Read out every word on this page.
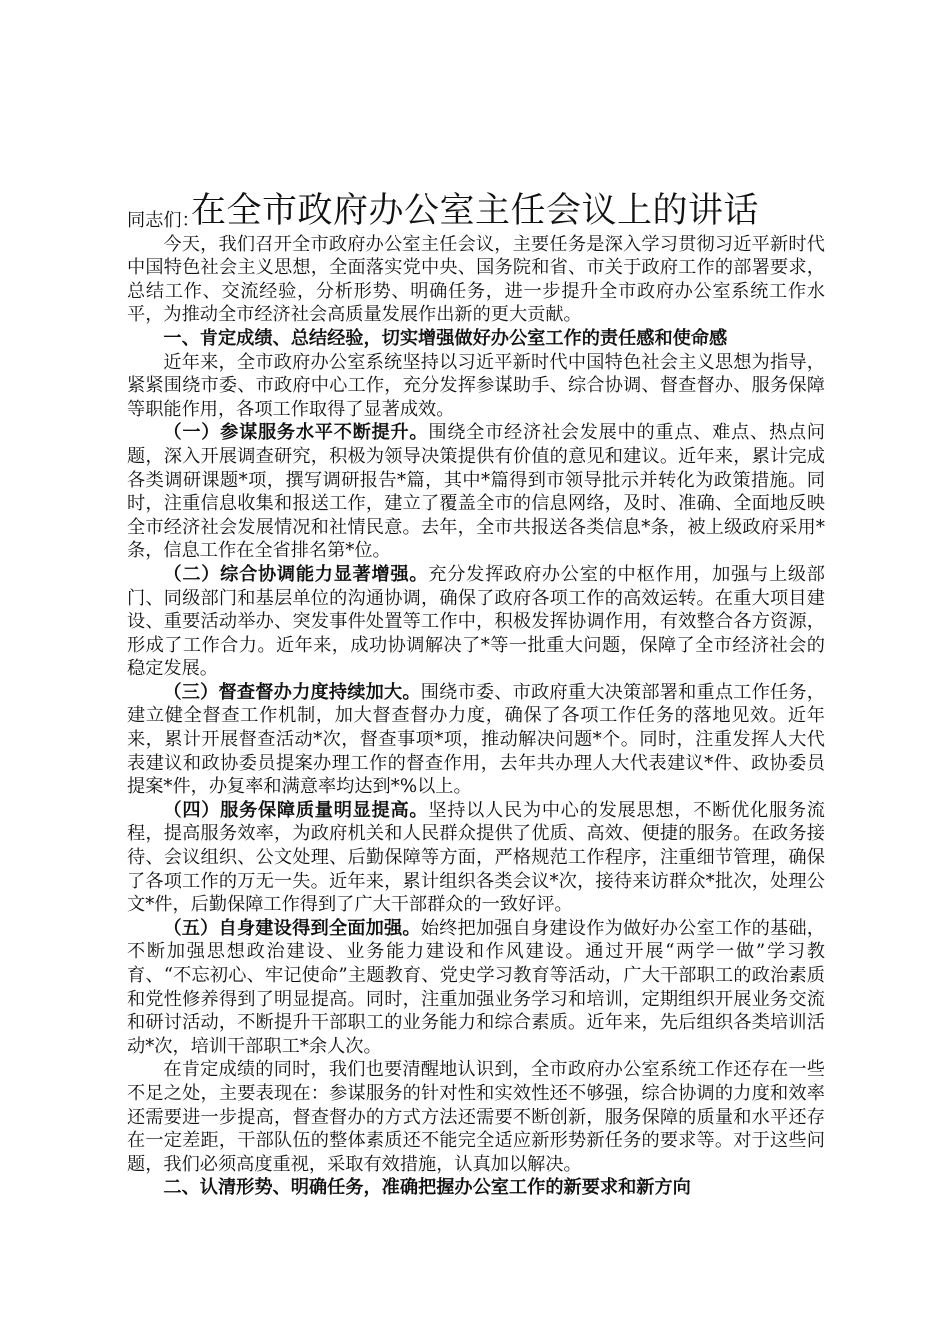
在全市政府办公室主任会议上的讲话

同志们：

今天，我们召开全市政府办公室主任会议，主要任务是深入学习贯彻习近平新时代中国特色社会主义思想，全面落实党中央、国务院和省、市关于政府工作的部署要求，总结工作、交流经验，分析形势、明确任务，进一步提升全市政府办公室系统工作水平，为推动全市经济社会高质量发展作出新的更大贡献。

一、肯定成绩、总结经验，切实增强做好办公室工作的责任感和使命感

近年来，全市政府办公室系统坚持以习近平新时代中国特色社会主义思想为指导，紧紧围绕市委、市政府中心工作，充分发挥参谋助手、综合协调、督查督办、服务保障等职能作用，各项工作取得了显著成效。

（一）参谋服务水平不断提升。围绕全市经济社会发展中的重点、难点、热点问题，深入开展调查研究，积极为领导决策提供有价值的意见和建议。近年来，累计完成各类调研课题*项，撰写调研报告*篇，其中*篇得到市领导批示并转化为政策措施。同时，注重信息收集和报送工作，建立了覆盖全市的信息网络，及时、准确、全面地反映全市经济社会发展情况和社情民意。去年，全市共报送各类信息*条，被上级政府采用*条，信息工作在全省排名第*位。

（二）综合协调能力显著增强。充分发挥政府办公室的中枢作用，加强与上级部门、同级部门和基层单位的沟通协调，确保了政府各项工作的高效运转。在重大项目建设、重要活动举办、突发事件处置等工作中，积极发挥协调作用，有效整合各方资源，形成了工作合力。近年来，成功协调解决了*等一批重大问题，保障了全市经济社会的稳定发展。

（三）督查督办力度持续加大。围绕市委、市政府重大决策部署和重点工作任务，建立健全督查工作机制，加大督查督办力度，确保了各项工作任务的落地见效。近年来，累计开展督查活动*次，督查事项*项，推动解决问题*个。同时，注重发挥人大代表建议和政协委员提案办理工作的督查作用，去年共办理人大代表建议*件、政协委员提案*件，办复率和满意率均达到*%以上。

（四）服务保障质量明显提高。坚持以人民为中心的发展思想，不断优化服务流程，提高服务效率，为政府机关和人民群众提供了优质、高效、便捷的服务。在政务接待、会议组织、公文处理、后勤保障等方面，严格规范工作程序，注重细节管理，确保了各项工作的万无一失。近年来，累计组织各类会议*次，接待来访群众*批次，处理公文*件，后勤保障工作得到了广大干部群众的一致好评。

（五）自身建设得到全面加强。始终把加强自身建设作为做好办公室工作的基础，不断加强思想政治建设、业务能力建设和作风建设。通过开展“两学一做”学习教育、“不忘初心、牢记使命”主题教育、党史学习教育等活动，广大干部职工的政治素质和党性修养得到了明显提高。同时，注重加强业务学习和培训，定期组织开展业务交流和研讨活动，不断提升干部职工的业务能力和综合素质。近年来，先后组织各类培训活动*次，培训干部职工*余人次。

在肯定成绩的同时，我们也要清醒地认识到，全市政府办公室系统工作还存在一些不足之处，主要表现在：参谋服务的针对性和实效性还不够强，综合协调的力度和效率还需要进一步提高，督查督办的方式方法还需要不断创新，服务保障的质量和水平还存在一定差距，干部队伍的整体素质还不能完全适应新形势新任务的要求等。对于这些问题，我们必须高度重视，采取有效措施，认真加以解决。

二、认清形势、明确任务，准确把握办公室工作的新要求和新方向
